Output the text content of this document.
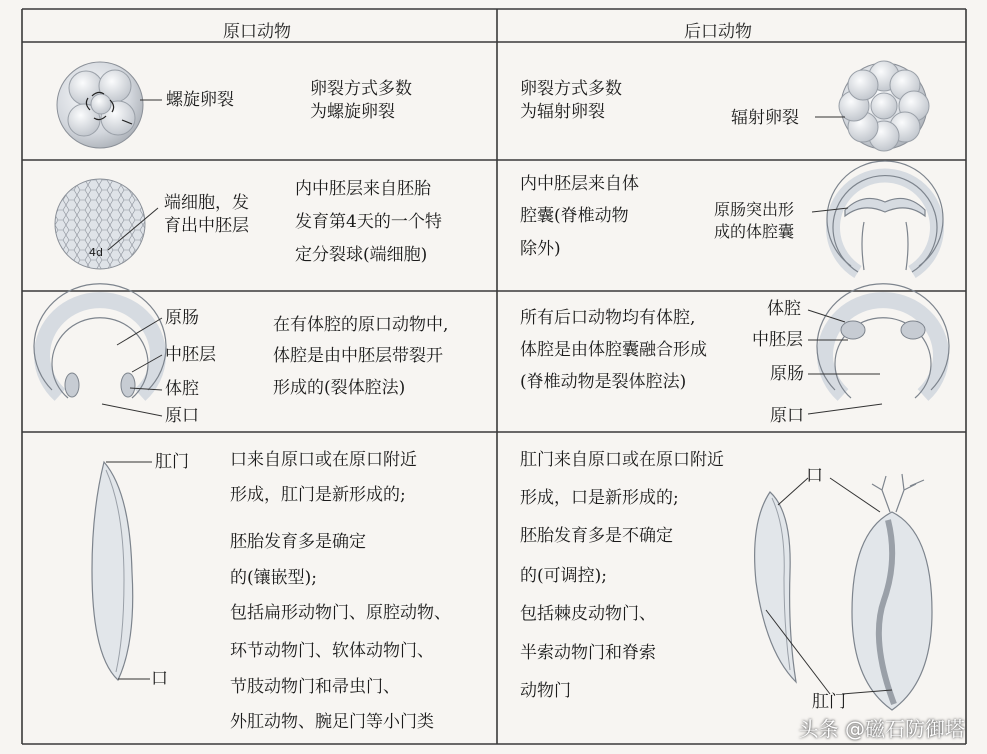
原口动物	后口动物
螺旋卵裂
卵裂方式多数
为螺旋卵裂
卵裂方式多数
为辐射卵裂	辐射卵裂
端细胞，发
育出中胚层
4d
内中胚层来自胚胎
发育第4天的一个特
定分裂球(端细胞)
内中胚层来自体
腔囊(脊椎动物
除外)
原肠突出形
成的体腔囊
原肠
中胚层
体腔
原口
在有体腔的原口动物中,
体腔是由中胚层带裂开
形成的(裂体腔法)
所有后口动物均有体腔,
体腔是由体腔囊融合形成
(脊椎动物是裂体腔法)
体腔
中胚层
原肠
原口
肛门
口
口来自原口或在原口附近
形成，肛门是新形成的;
胚胎发育多是确定
的(镶嵌型);
包括扁形动物门、原腔动物、
环节动物门、软体动物门、
节肢动物门和帚虫门、
外肛动物、腕足门等小门类
肛门来自原口或在原口附近
形成，口是新形成的;
胚胎发育多是不确定
的(可调控);
包括棘皮动物门、
半索动物门和脊索
动物门
口
肛门
头条 @磁石防御塔
